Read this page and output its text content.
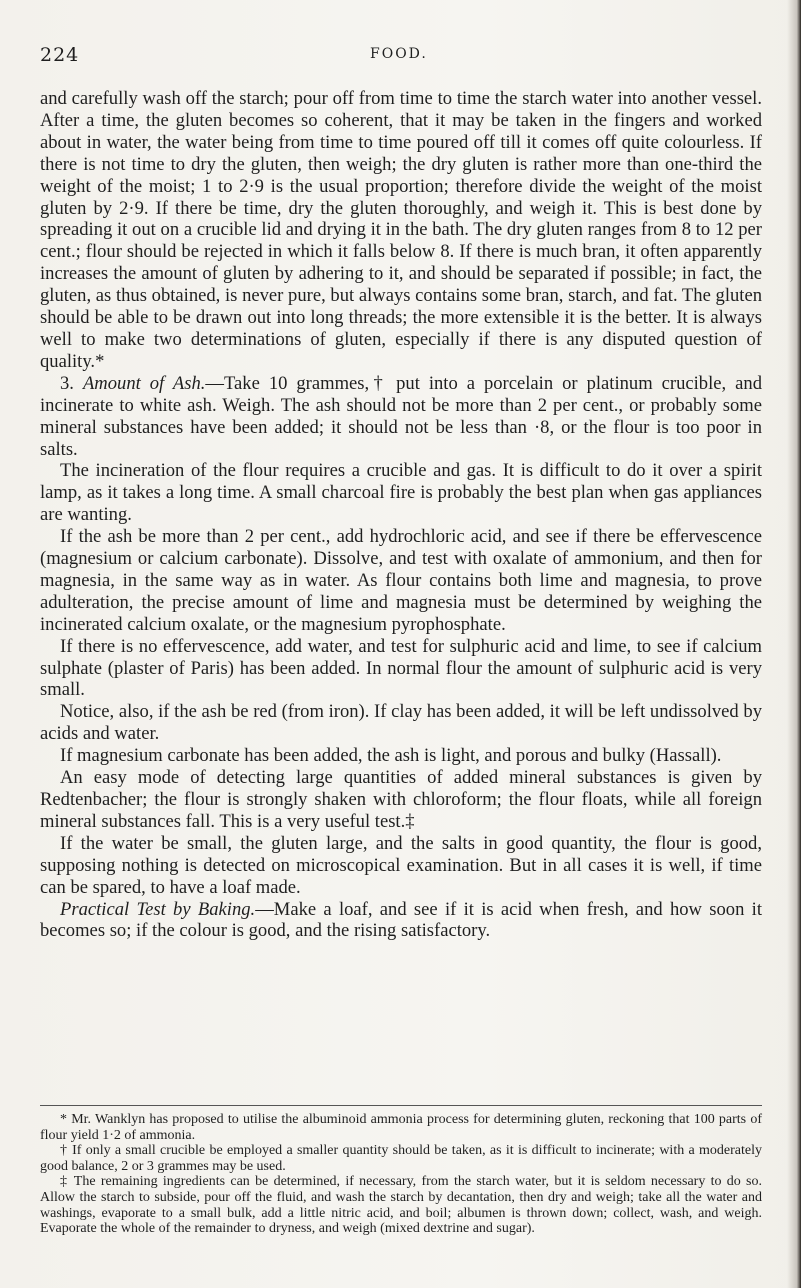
224	FOOD.

and carefully wash off the starch; pour off from time to time the starch water into another vessel. After a time, the gluten becomes so coherent, that it may be taken in the fingers and worked about in water, the water being from time to time poured off till it comes off quite colourless. If there is not time to dry the gluten, then weigh; the dry gluten is rather more than one-third the weight of the moist; 1 to 2·9 is the usual proportion; therefore divide the weight of the moist gluten by 2·9. If there be time, dry the gluten thoroughly, and weigh it. This is best done by spreading it out on a crucible lid and drying it in the bath. The dry gluten ranges from 8 to 12 per cent.; flour should be rejected in which it falls below 8. If there is much bran, it often apparently increases the amount of gluten by adhering to it, and should be separated if possible; in fact, the gluten, as thus obtained, is never pure, but always contains some bran, starch, and fat. The gluten should be able to be drawn out into long threads; the more extensible it is the better. It is always well to make two determinations of gluten, especially if there is any disputed question of quality.*

3. Amount of Ash.—Take 10 grammes,† put into a porcelain or platinum crucible, and incinerate to white ash. Weigh. The ash should not be more than 2 per cent., or probably some mineral substances have been added; it should not be less than ·8, or the flour is too poor in salts.

The incineration of the flour requires a crucible and gas. It is difficult to do it over a spirit lamp, as it takes a long time. A small charcoal fire is probably the best plan when gas appliances are wanting.

If the ash be more than 2 per cent., add hydrochloric acid, and see if there be effervescence (magnesium or calcium carbonate). Dissolve, and test with oxalate of ammonium, and then for magnesia, in the same way as in water. As flour contains both lime and magnesia, to prove adulteration, the precise amount of lime and magnesia must be determined by weighing the incinerated calcium oxalate, or the magnesium pyrophosphate.

If there is no effervescence, add water, and test for sulphuric acid and lime, to see if calcium sulphate (plaster of Paris) has been added. In normal flour the amount of sulphuric acid is very small.

Notice, also, if the ash be red (from iron). If clay has been added, it will be left undissolved by acids and water.

If magnesium carbonate has been added, the ash is light, and porous and bulky (Hassall).

An easy mode of detecting large quantities of added mineral substances is given by Redtenbacher; the flour is strongly shaken with chloroform; the flour floats, while all foreign mineral substances fall. This is a very useful test.‡

If the water be small, the gluten large, and the salts in good quantity, the flour is good, supposing nothing is detected on microscopical examination. But in all cases it is well, if time can be spared, to have a loaf made.

Practical Test by Baking.—Make a loaf, and see if it is acid when fresh, and how soon it becomes so; if the colour is good, and the rising satisfactory.

* Mr. Wanklyn has proposed to utilise the albuminoid ammonia process for determining gluten, reckoning that 100 parts of flour yield 1·2 of ammonia.

† If only a small crucible be employed a smaller quantity should be taken, as it is difficult to incinerate; with a moderately good balance, 2 or 3 grammes may be used.

‡ The remaining ingredients can be determined, if necessary, from the starch water, but it is seldom necessary to do so. Allow the starch to subside, pour off the fluid, and wash the starch by decantation, then dry and weigh; take all the water and washings, evaporate to a small bulk, add a little nitric acid, and boil; albumen is thrown down; collect, wash, and weigh. Evaporate the whole of the remainder to dryness, and weigh (mixed dextrine and sugar).
